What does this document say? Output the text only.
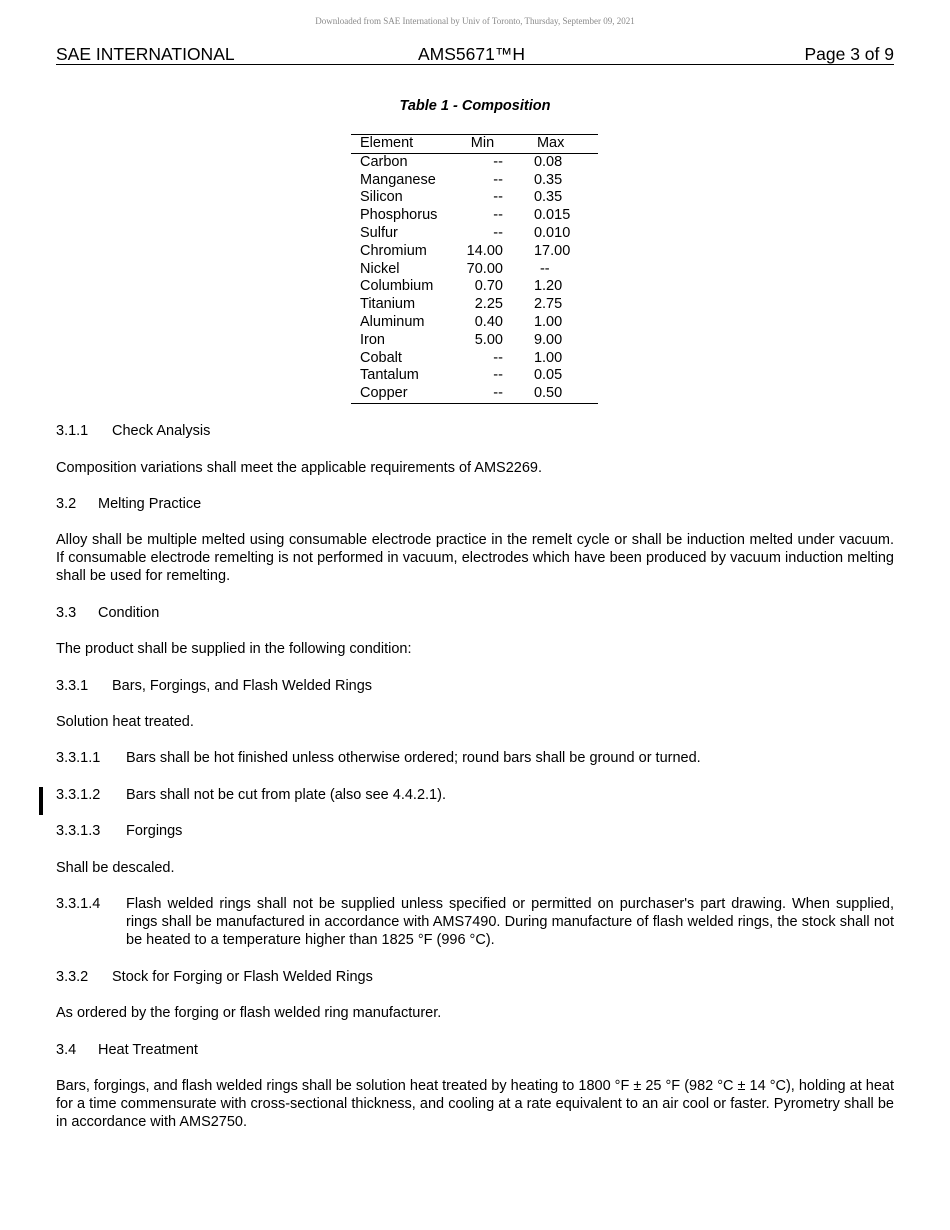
Downloaded from SAE International by Univ of Toronto, Thursday, September 09, 2021
SAE INTERNATIONAL	AMS5671™H	Page 3 of 9
Table 1 - Composition
Element	Min	Max
Carbon	--	0.08
Manganese	--	0.35
Silicon	--	0.35
Phosphorus	--	0.015
Sulfur	--	0.010
Chromium	14.00	17.00
Nickel	70.00	--
Columbium	0.70	1.20
Titanium	2.25	2.75
Aluminum	0.40	1.00
Iron	5.00	9.00
Cobalt	--	1.00
Tantalum	--	0.05
Copper	--	0.50
3.1.1 Check Analysis
Composition variations shall meet the applicable requirements of AMS2269.
3.2 Melting Practice
Alloy shall be multiple melted using consumable electrode practice in the remelt cycle or shall be induction melted under vacuum. If consumable electrode remelting is not performed in vacuum, electrodes which have been produced by vacuum induction melting shall be used for remelting.
3.3 Condition
The product shall be supplied in the following condition:
3.3.1 Bars, Forgings, and Flash Welded Rings
Solution heat treated.
3.3.1.1 Bars shall be hot finished unless otherwise ordered; round bars shall be ground or turned.
3.3.1.2 Bars shall not be cut from plate (also see 4.4.2.1).
3.3.1.3 Forgings
Shall be descaled.
3.3.1.4 Flash welded rings shall not be supplied unless specified or permitted on purchaser's part drawing. When supplied, rings shall be manufactured in accordance with AMS7490. During manufacture of flash welded rings, the stock shall not be heated to a temperature higher than 1825 °F (996 °C).
3.3.2 Stock for Forging or Flash Welded Rings
As ordered by the forging or flash welded ring manufacturer.
3.4 Heat Treatment
Bars, forgings, and flash welded rings shall be solution heat treated by heating to 1800 °F ± 25 °F (982 °C ± 14 °C), holding at heat for a time commensurate with cross-sectional thickness, and cooling at a rate equivalent to an air cool or faster. Pyrometry shall be in accordance with AMS2750.
